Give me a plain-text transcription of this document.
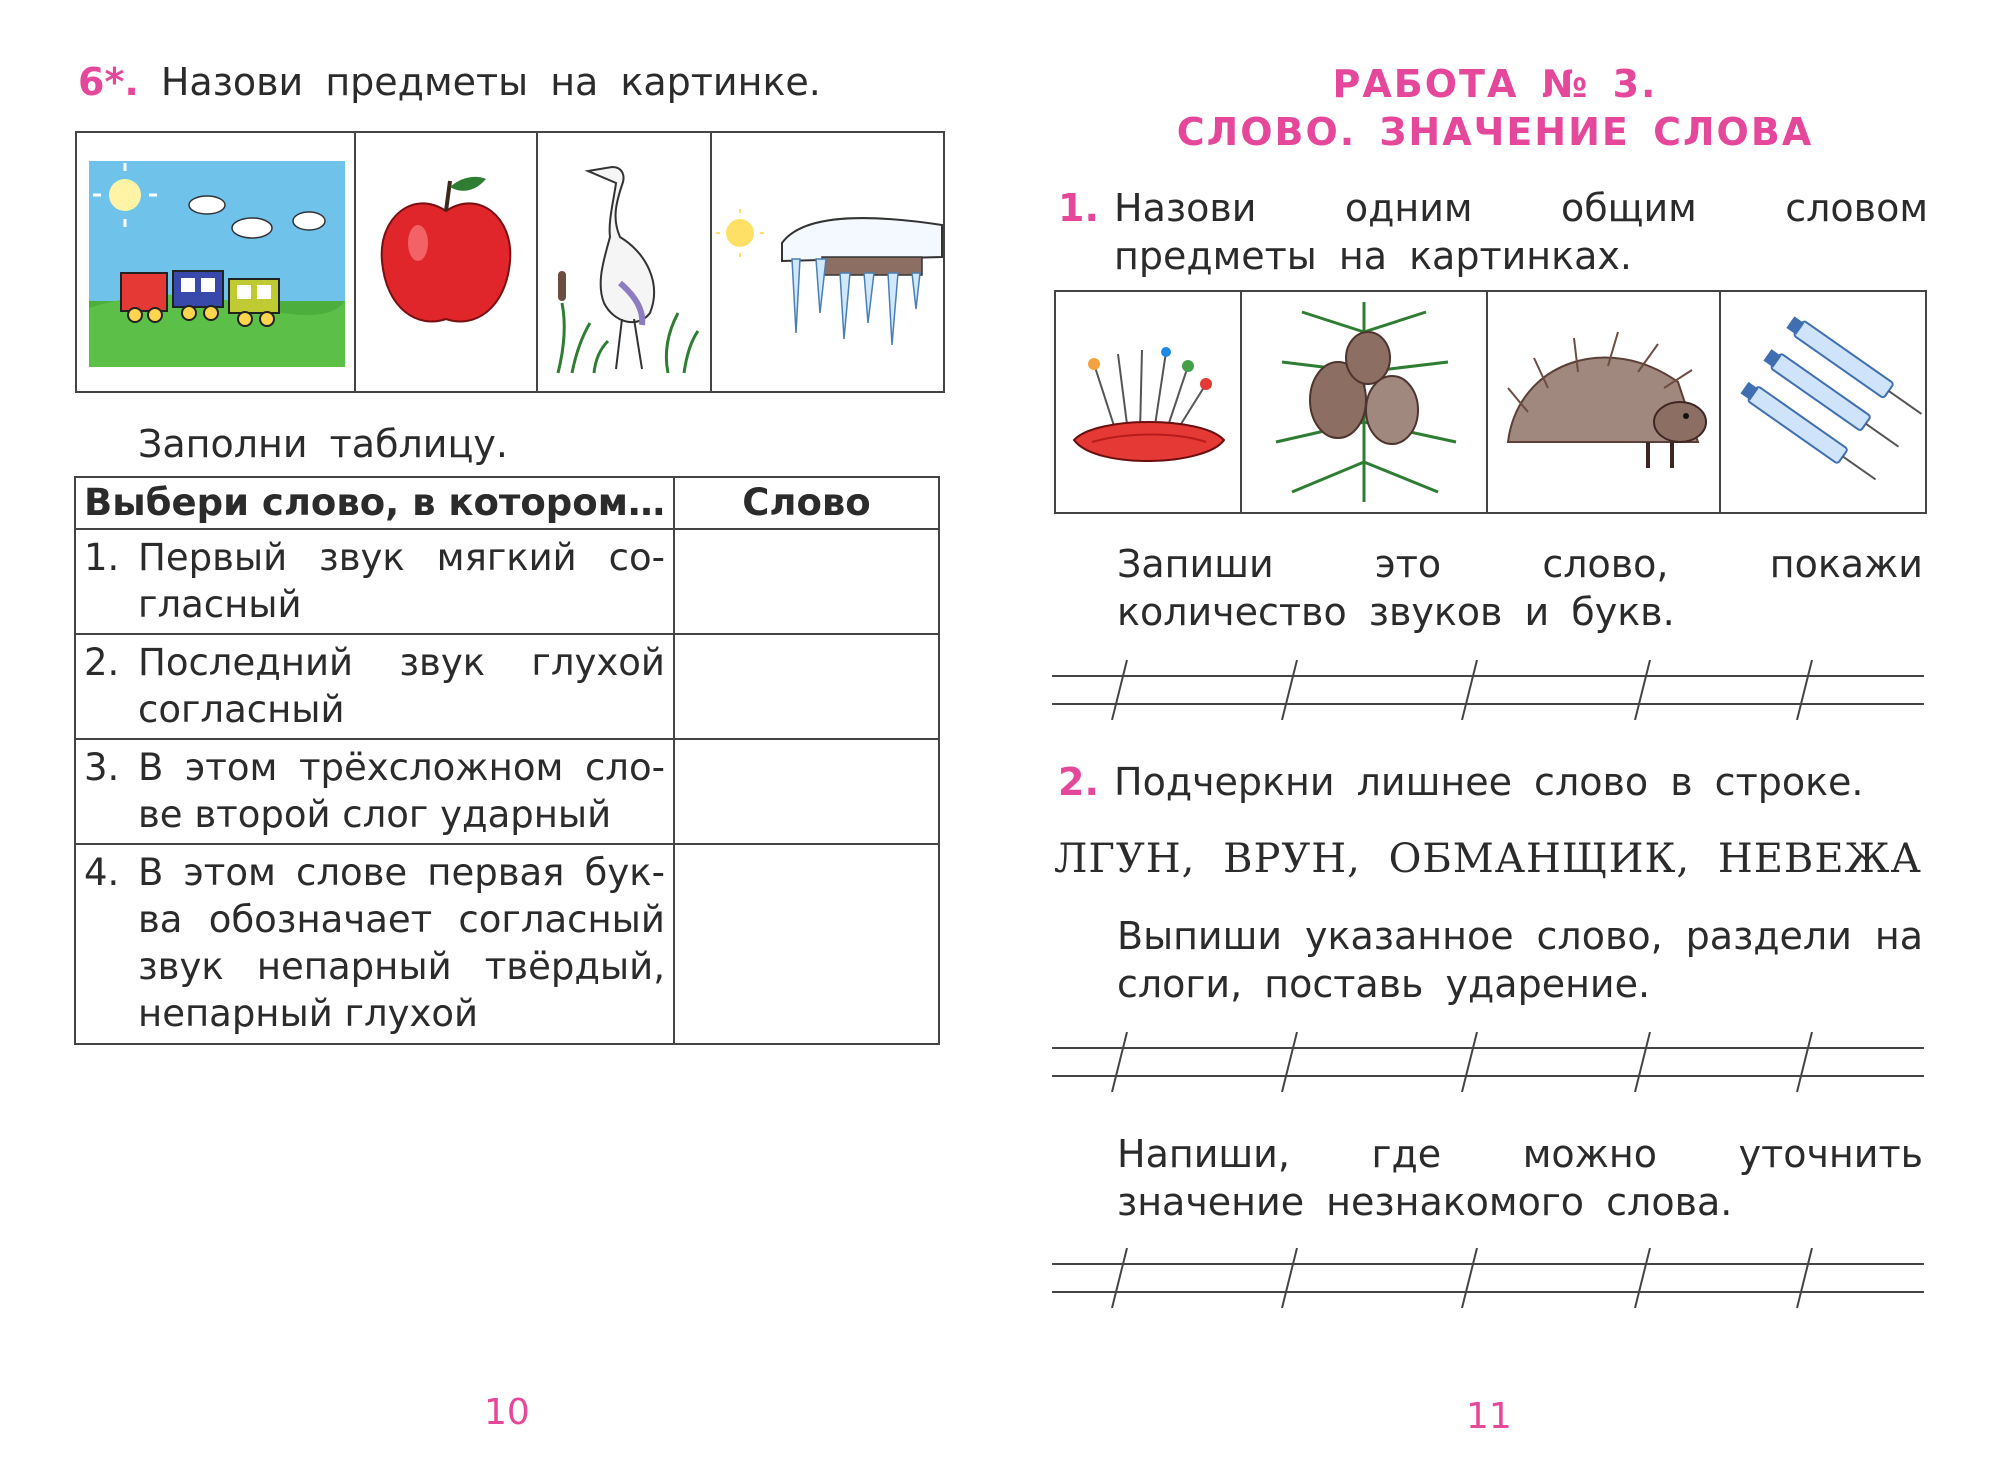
6*. Назови предметы на картинке.
Заполни таблицу.
Выбери слово, в котором…	Слово

1. Первый звук мягкий со-гласный	

2. Последний звук глухой согласный	

3. В этом трёхсложном сло-ве второй слог ударный	

4. В этом слове первая бук-ва обозначает согласный звук непарный твёрдый, непарный глухой	

10
РАБОТА № 3.
СЛОВО. ЗНАЧЕНИЕ СЛОВА
1. Назови одним общим словом предметы на картинках.
Запиши это слово, покажи количество звуков и букв.
2. Подчеркни лишнее слово в строке.
ЛГУН, ВРУН, ОБМАНЩИК, НЕВЕЖА
Выпиши указанное слово, раздели на слоги, поставь ударение.
Напиши, где можно уточнить значение незнакомого слова.
11
